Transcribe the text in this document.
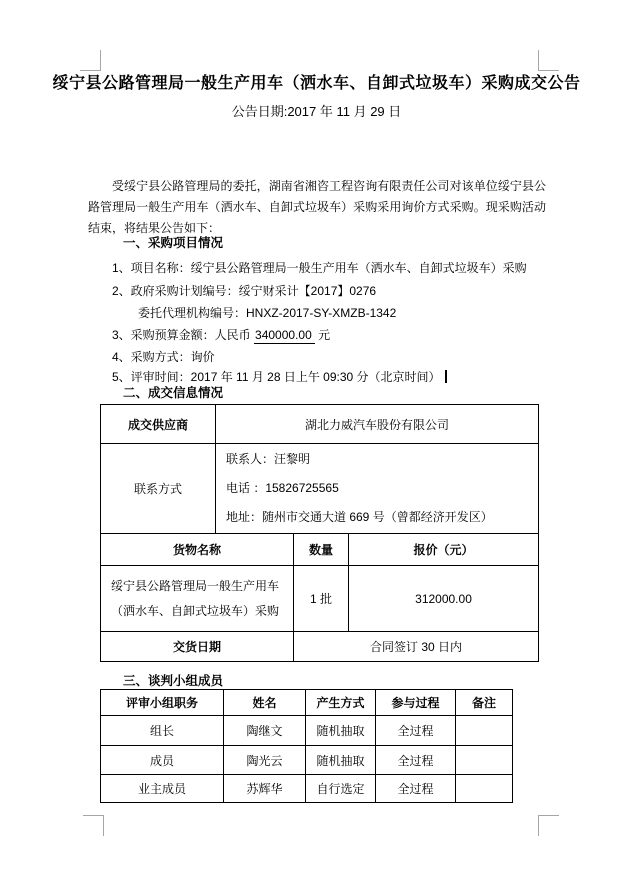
绥宁县公路管理局一般生产用车（洒水车、自卸式垃圾车）采购成交公告
公告日期:2017 年 11 月 29 日
受绥宁县公路管理局的委托，湖南省湘咨工程咨询有限责任公司对该单位绥宁县公路管理局一般生产用车（洒水车、自卸式垃圾车）采购采用询价方式采购。现采购活动结束，将结果公告如下：
一、采购项目情况
1、项目名称：绥宁县公路管理局一般生产用车（洒水车、自卸式垃圾车）采购
2、政府采购计划编号：绥宁财采计【2017】0276
委托代理机构编号：HNXZ-2017-SY-XMZB-1342
3、采购预算金额：人民币 340000.00 元
4、采购方式：询价
5、评审时间：2017 年 11 月 28 日上午 09:30 分（北京时间）
二、成交信息情况
成交供应商	湖北力威汽车股份有限公司		
联系方式	联系人：汪黎明
电话 ：15826725565
地址：随州市交通大道 669 号（曾都经济开发区）		

货物名称		数量	报价（元）
绥宁县公路管理局一般生产用车（洒水车、自卸式垃圾车）采购		1 批	312000.00
交货日期		合同签订 30 日内	
三、谈判小组成员
评审小组职务	姓名	产生方式	参与过程	备注
组长	陶继文	随机抽取	全过程	
成员	陶光云	随机抽取	全过程	
业主成员	苏辉华	自行选定	全过程	
